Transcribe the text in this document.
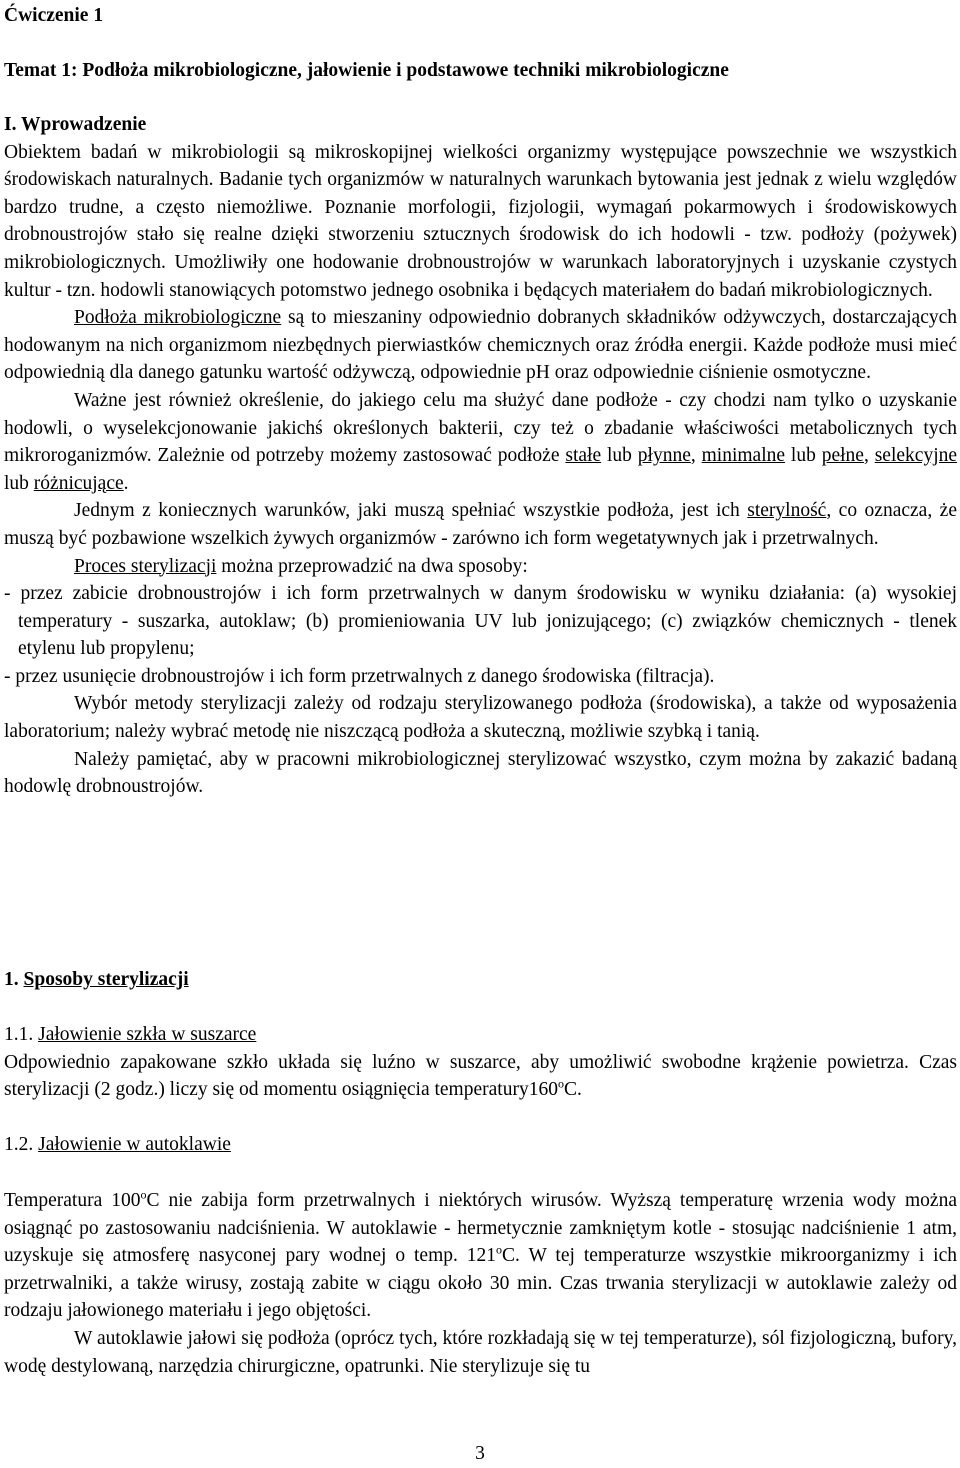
Ćwiczenie 1

Temat 1: Podłoża mikrobiologiczne, jałowienie i podstawowe techniki mikrobiologiczne

I. Wprowadzenie

Obiektem badań w mikrobiologii są mikroskopijnej wielkości organizmy występujące powszechnie we wszystkich środowiskach naturalnych. Badanie tych organizmów w naturalnych warunkach bytowania jest jednak z wielu względów bardzo trudne, a często niemożliwe. Poznanie morfologii, fizjologii, wymagań pokarmowych i środowiskowych drobnoustrojów stało się realne dzięki stworzeniu sztucznych środowisk do ich hodowli - tzw. podłoży (pożywek) mikrobiologicznych. Umożliwiły one hodowanie drobnoustrojów w warunkach laboratoryjnych i uzyskanie czystych kultur - tzn. hodowli stanowiących potomstwo jednego osobnika i będących materiałem do badań mikrobiologicznych.

Podłoża mikrobiologiczne są to mieszaniny odpowiednio dobranych składników odżywczych, dostarczających hodowanym na nich organizmom niezbędnych pierwiastków chemicznych oraz źródła energii. Każde podłoże musi mieć odpowiednią dla danego gatunku wartość odżywczą, odpowiednie pH oraz odpowiednie ciśnienie osmotyczne.

Ważne jest również określenie, do jakiego celu ma służyć dane podłoże - czy chodzi nam tylko o uzyskanie hodowli, o wyselekcjonowanie jakichś określonych bakterii, czy też o zbadanie właściwości metabolicznych tych mikroroganizmów. Zależnie od potrzeby możemy zastosować podłoże stałe lub płynne, minimalne lub pełne, selekcyjne lub różnicujące.

Jednym z koniecznych warunków, jaki muszą spełniać wszystkie podłoża, jest ich sterylność, co oznacza, że muszą być pozbawione wszelkich żywych organizmów - zarówno ich form wegetatywnych jak i przetrwalnych.

Proces sterylizacji można przeprowadzić na dwa sposoby:

- przez zabicie drobnoustrojów i ich form przetrwalnych w danym środowisku w wyniku działania: (a) wysokiej temperatury - suszarka, autoklaw; (b) promieniowania UV lub jonizującego; (c) związków chemicznych - tlenek etylenu lub propylenu;

- przez usunięcie drobnoustrojów i ich form przetrwalnych z danego środowiska (filtracja).

Wybór metody sterylizacji zależy od rodzaju sterylizowanego podłoża (środowiska), a także od wyposażenia laboratorium; należy wybrać metodę nie niszczącą podłoża a skuteczną, możliwie szybką i tanią.

Należy pamiętać, aby w pracowni mikrobiologicznej sterylizować wszystko, czym można by zakazić badaną hodowlę drobnoustrojów.

1. Sposoby sterylizacji

1.1. Jałowienie szkła w suszarce

Odpowiednio zapakowane szkło układa się luźno w suszarce, aby umożliwić swobodne krążenie powietrza. Czas sterylizacji (2 godz.) liczy się od momentu osiągnięcia temperatury160$^o$C.

1.2. Jałowienie w autoklawie

Temperatura 100$^o$C nie zabija form przetrwalnych i niektórych wirusów. Wyższą temperaturę wrzenia wody można osiągnąć po zastosowaniu nadciśnienia. W autoklawie - hermetycznie zamkniętym kotle - stosując nadciśnienie 1 atm, uzyskuje się atmosferę nasyconej pary wodnej o temp. 121$^o$C. W tej temperaturze wszystkie mikroorganizmy i ich przetrwalniki, a także wirusy, zostają zabite w ciągu około 30 min. Czas trwania sterylizacji w autoklawie zależy od rodzaju jałowionego materiału i jego objętości.

W autoklawie jałowi się podłoża (oprócz tych, które rozkładają się w tej temperaturze), sól fizjologiczną, bufory, wodę destylowaną, narzędzia chirurgiczne, opatrunki. Nie sterylizuje się tu

3
